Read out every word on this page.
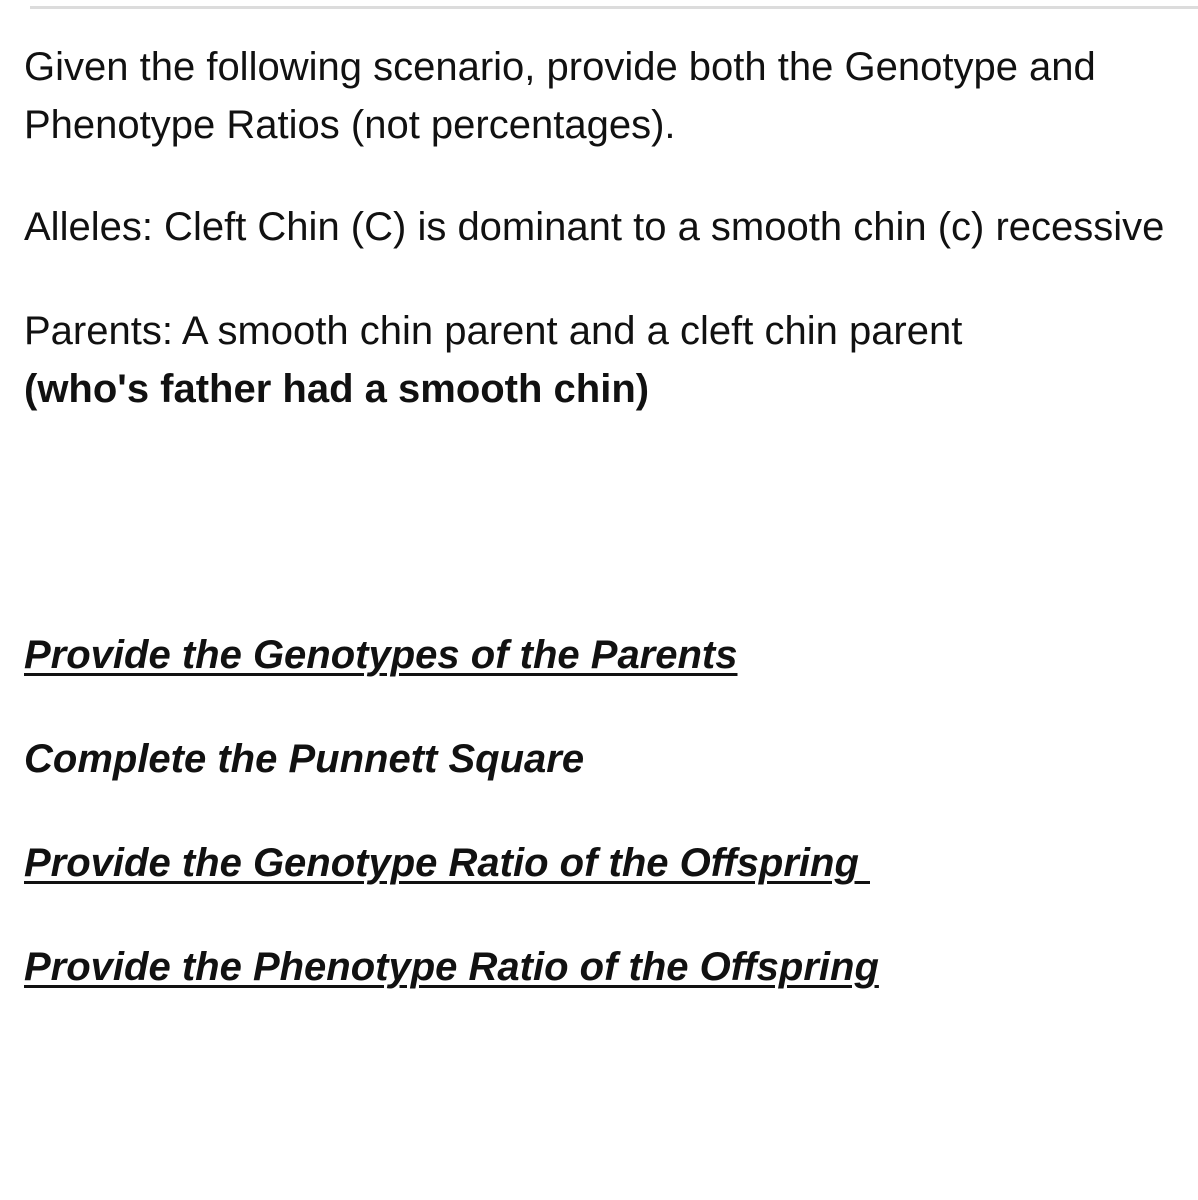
Given the following scenario, provide both the Genotype and Phenotype Ratios (not percentages).

Alleles: Cleft Chin (C) is dominant to a smooth chin (c) recessive

Parents: A smooth chin parent and a cleft chin parent
(who's father had a smooth chin)

Provide the Genotypes of the Parents

Complete the Punnett Square

Provide the Genotype Ratio of the Offspring

Provide the Phenotype Ratio of the Offspring
